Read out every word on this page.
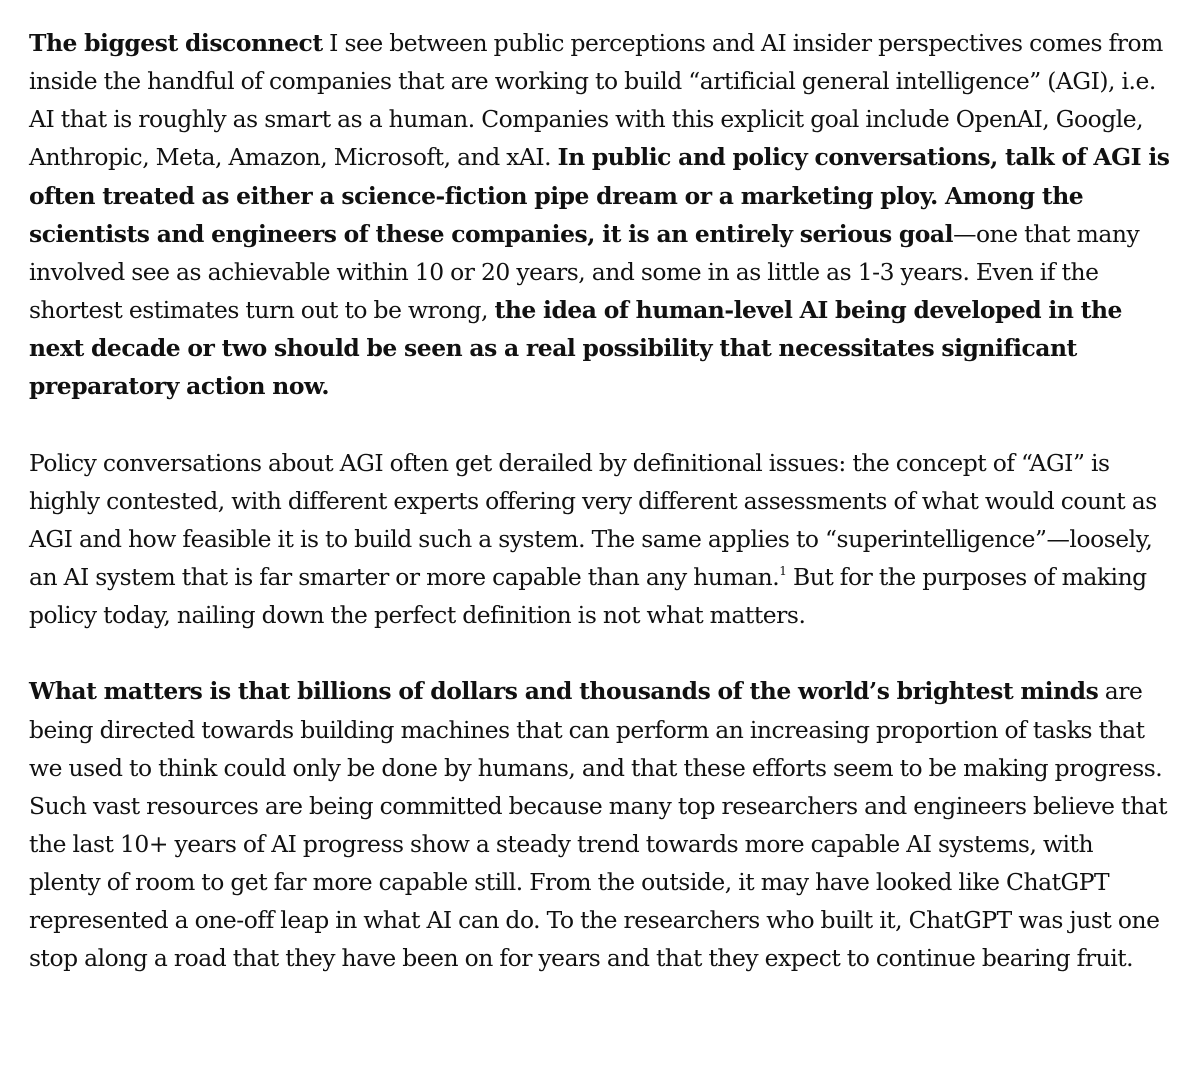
The biggest disconnect I see between public perceptions and AI insider perspectives comes from inside the handful of companies that are working to build “artificial general intelligence” (AGI), i.e. AI that is roughly as smart as a human. Companies with this explicit goal include OpenAI, Google, Anthropic, Meta, Amazon, Microsoft, and xAI. In public and policy conversations, talk of AGI is often treated as either a science-fiction pipe dream or a marketing ploy. Among the scientists and engineers of these companies, it is an entirely serious goal—one that many involved see as achievable within 10 or 20 years, and some in as little as 1-3 years. Even if the shortest estimates turn out to be wrong, the idea of human-level AI being developed in the next decade or two should be seen as a real possibility that necessitates significant preparatory action now.

Policy conversations about AGI often get derailed by definitional issues: the concept of “AGI” is highly contested, with different experts offering very different assessments of what would count as AGI and how feasible it is to build such a system. The same applies to “superintelligence”—loosely, an AI system that is far smarter or more capable than any human.$^1$ But for the purposes of making policy today, nailing down the perfect definition is not what matters.

What matters is that billions of dollars and thousands of the world’s brightest minds are being directed towards building machines that can perform an increasing proportion of tasks that we used to think could only be done by humans, and that these efforts seem to be making progress. Such vast resources are being committed because many top researchers and engineers believe that the last 10+ years of AI progress show a steady trend towards more capable AI systems, with plenty of room to get far more capable still. From the outside, it may have looked like ChatGPT represented a one-off leap in what AI can do. To the researchers who built it, ChatGPT was just one stop along a road that they have been on for years and that they expect to continue bearing fruit.
